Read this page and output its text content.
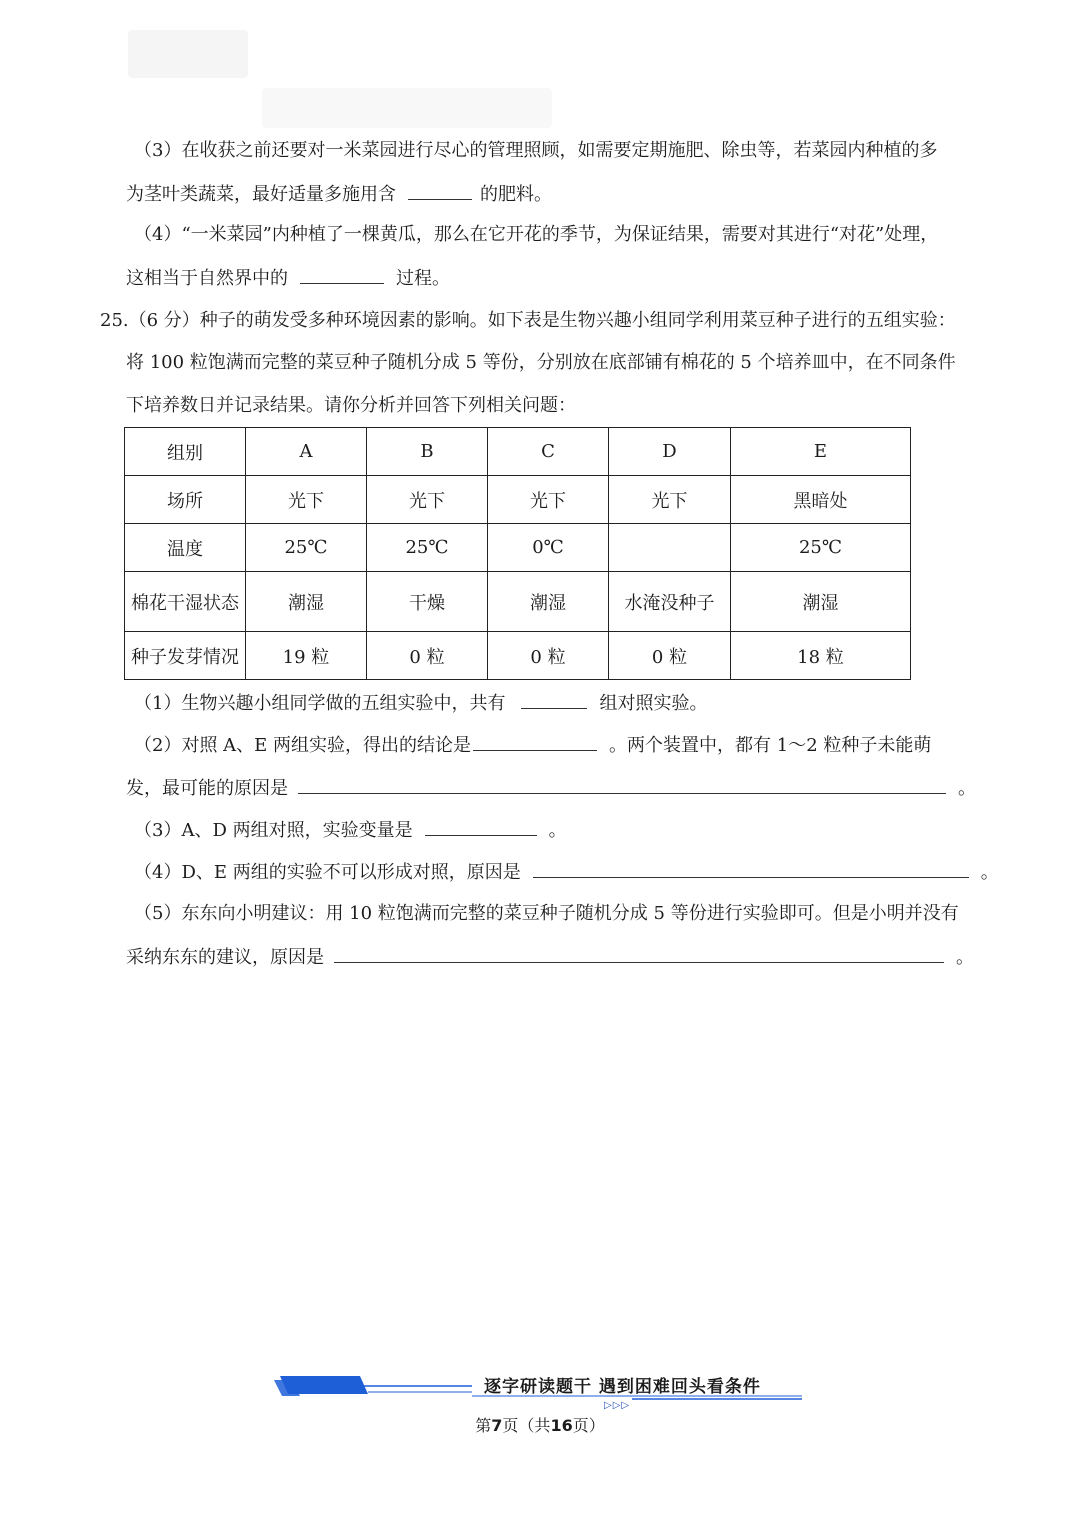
（3）在收获之前还要对一米菜园进行尽心的管理照顾，如需要定期施肥、除虫等，若菜园内种植的多
为茎叶类蔬菜，最好适量多施用含	的肥料。
（4）“一米菜园”内种植了一棵黄瓜，那么在它开花的季节，为保证结果，需要对其进行“对花”处理，
这相当于自然界中的	过程。
25.（6 分）种子的萌发受多种环境因素的影响。如下表是生物兴趣小组同学利用菜豆种子进行的五组实验：
将 100 粒饱满而完整的菜豆种子随机分成 5 等份，分别放在底部铺有棉花的 5 个培养皿中，在不同条件
下培养数日并记录结果。请你分析并回答下列相关问题：
组别	A	B	C	D	E
场所	光下	光下	光下	光下	黑暗处
温度	25℃	25℃	0℃		25℃
棉花干湿状态	潮湿	干燥	潮湿	水淹没种子	潮湿
种子发芽情况	19 粒	0 粒	0 粒	0 粒	18 粒
（1）生物兴趣小组同学做的五组实验中，共有	组对照实验。
（2）对照 A、E 两组实验，得出的结论是	。两个装置中，都有 1～2 粒种子未能萌
发，最可能的原因是	。
（3）A、D 两组对照，实验变量是	。
（4）D、E 两组的实验不可以形成对照，原因是	。
（5）东东向小明建议：用 10 粒饱满而完整的菜豆种子随机分成 5 等份进行实验即可。但是小明并没有
采纳东东的建议，原因是	。
逐字研读题干 遇到困难回头看条件
▷▷▷
第7页（共16页）
